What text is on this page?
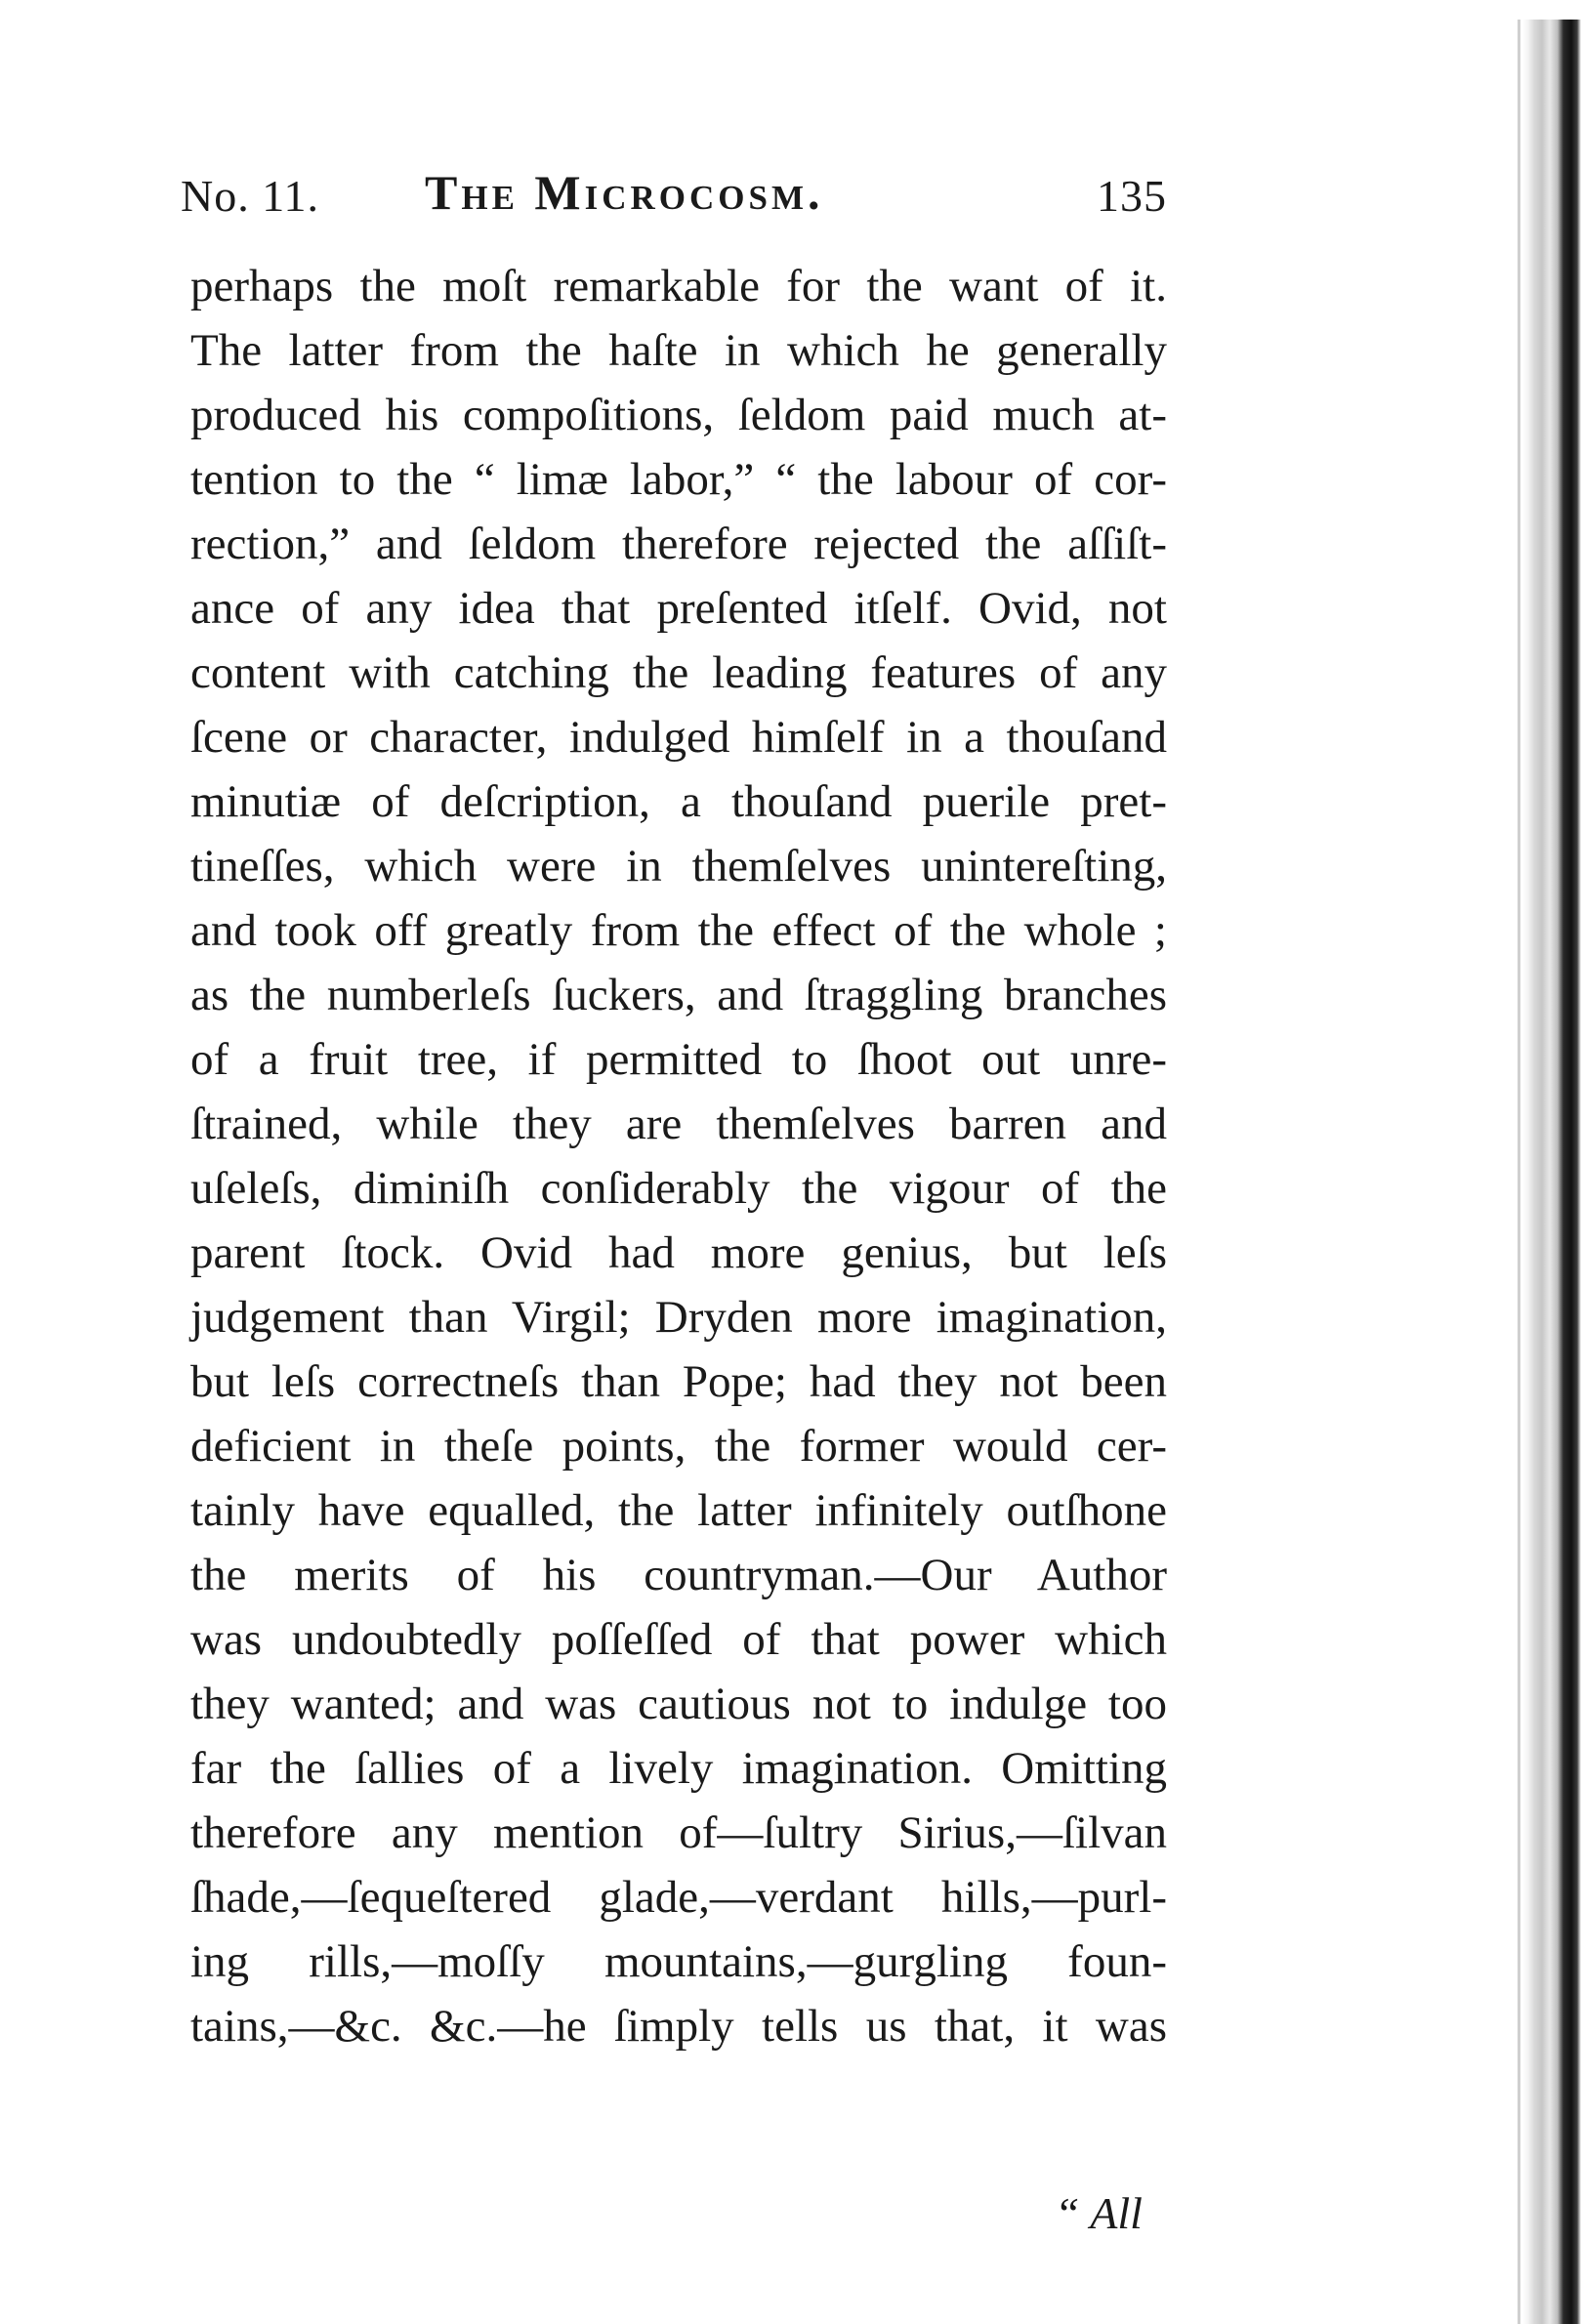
No. 11. The Microcosm.	135
perhaps the moſt remarkable for the want of it.
The latter from the haſte in which he generally
produced his compoſitions, ſeldom paid much at-
tention to the “ limæ labor,” “ the labour of cor-
rection,” and ſeldom therefore rejected the aſſiſt-
ance of any idea that preſented itſelf. Ovid, not
content with catching the leading features of any
ſcene or character, indulged himſelf in a thouſand
minutiæ of deſcription, a thouſand puerile pret-
tineſſes, which were in themſelves unintereſting,
and took off greatly from the effect of the whole ;
as the numberleſs ſuckers, and ſtraggling branches
of a fruit tree, if permitted to ſhoot out unre-
ſtrained, while they are themſelves barren and
uſeleſs, diminiſh conſiderably the vigour of the
parent ſtock. Ovid had more genius, but leſs
judgement than Virgil; Dryden more imagination,
but leſs correctneſs than Pope; had they not been
deficient in theſe points, the former would cer-
tainly have equalled, the latter infinitely outſhone
the merits of his countryman.—Our Author
was undoubtedly poſſeſſed of that power which
they wanted; and was cautious not to indulge too
far the ſallies of a lively imagination. Omitting
therefore any mention of—ſultry Sirius,—ſilvan
ſhade,—ſequeſtered glade,—verdant hills,—purl-
ing rills,—moſſy mountains,—gurgling foun-
tains,—&c. &c.—he ſimply tells us that, it was
“ All
